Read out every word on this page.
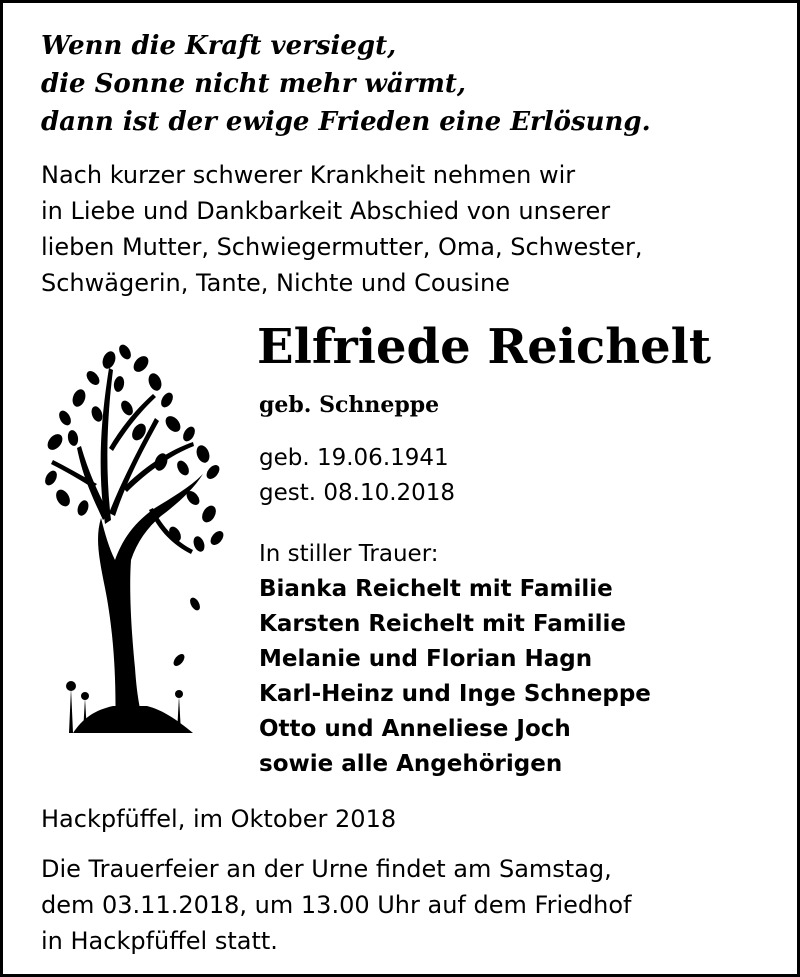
Wenn die Kraft versiegt,
die Sonne nicht mehr wärmt,
dann ist der ewige Frieden eine Erlösung.

Nach kurzer schwerer Krankheit nehmen wir
in Liebe und Dankbarkeit Abschied von unserer
lieben Mutter, Schwiegermutter, Oma, Schwester,
Schwägerin, Tante, Nichte und Cousine

Elfriede Reichelt

geb. Schneppe

geb. 19.06.1941
gest. 08.10.2018

In stiller Trauer:
Bianka Reichelt mit Familie
Karsten Reichelt mit Familie
Melanie und Florian Hagn
Karl-Heinz und Inge Schneppe
Otto und Anneliese Joch
sowie alle Angehörigen

Hackpfüffel, im Oktober 2018

Die Trauerfeier an der Urne findet am Samstag,
dem 03.11.2018, um 13.00 Uhr auf dem Friedhof
in Hackpfüffel statt.
